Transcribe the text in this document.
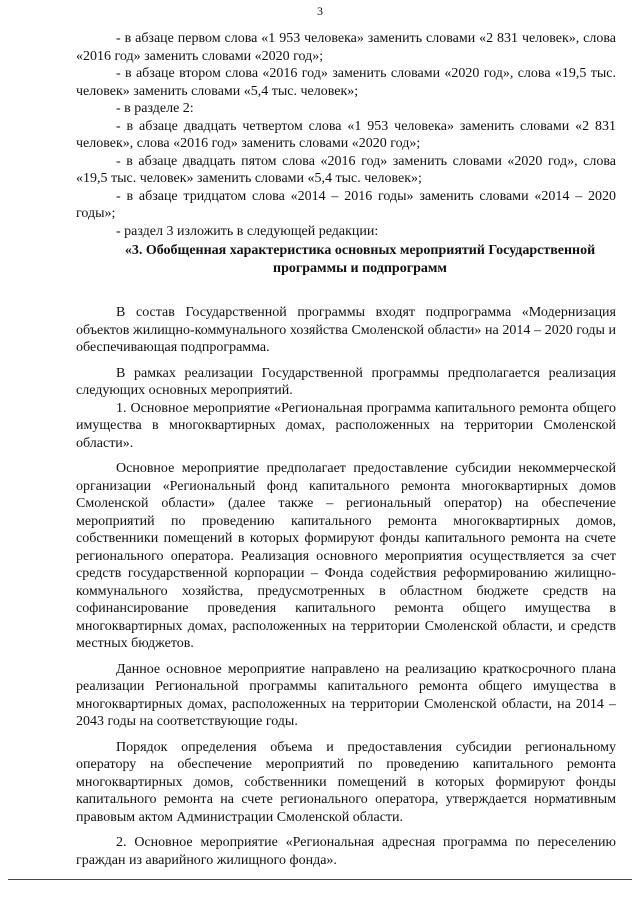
3

- в абзаце первом слова «1 953 человека» заменить словами «2 831 человек», слова «2016 год» заменить словами «2020 год»;

- в абзаце втором слова «2016 год» заменить словами «2020 год», слова «19,5 тыс. человек» заменить словами «5,4 тыс. человек»;

- в разделе 2:

- в абзаце двадцать четвертом слова «1 953 человека» заменить словами «2 831 человек», слова «2016 год» заменить словами «2020 год»;

- в абзаце двадцать пятом слова «2016 год» заменить словами «2020 год», слова «19,5 тыс. человек» заменить словами «5,4 тыс. человек»;

- в абзаце тридцатом слова «2014 – 2016 годы» заменить словами «2014 – 2020 годы»;

- раздел 3 изложить в следующей редакции:

«3. Обобщенная характеристика основных мероприятий Государственной программы и подпрограмм

В состав Государственной программы входят подпрограмма «Модернизация объектов жилищно-коммунального хозяйства Смоленской области» на 2014 – 2020 годы и обеспечивающая подпрограмма.

В рамках реализации Государственной программы предполагается реализация следующих основных мероприятий.

1. Основное мероприятие «Региональная программа капитального ремонта общего имущества в многоквартирных домах, расположенных на территории Смоленской области».

Основное мероприятие предполагает предоставление субсидии некоммерческой организации «Региональный фонд капитального ремонта многоквартирных домов Смоленской области» (далее также – региональный оператор) на обеспечение мероприятий по проведению капитального ремонта многоквартирных домов, собственники помещений в которых формируют фонды капитального ремонта на счете регионального оператора. Реализация основного мероприятия осуществляется за счет средств государственной корпорации – Фонда содействия реформированию жилищно-коммунального хозяйства, предусмотренных в областном бюджете средств на софинансирование проведения капитального ремонта общего имущества в многоквартирных домах, расположенных на территории Смоленской области, и средств местных бюджетов.

Данное основное мероприятие направлено на реализацию краткосрочного плана реализации Региональной программы капитального ремонта общего имущества в многоквартирных домах, расположенных на территории Смоленской области, на 2014 – 2043 годы на соответствующие годы.

Порядок определения объема и предоставления субсидии региональному оператору на обеспечение мероприятий по проведению капитального ремонта многоквартирных домов, собственники помещений в которых формируют фонды капитального ремонта на счете регионального оператора, утверждается нормативным правовым актом Администрации Смоленской области.

2. Основное мероприятие «Региональная адресная программа по переселению граждан из аварийного жилищного фонда».
